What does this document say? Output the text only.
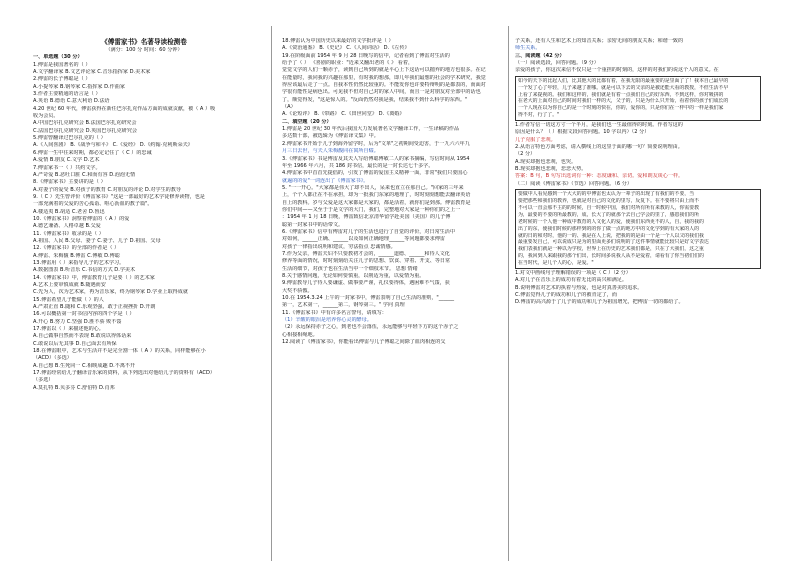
《傅雷家书》名著导读检测卷
（满分：100 分 时间：60 分钟）
一、单选题（30 分）
1.傅雷是我国著名的（ ）
A.文学翻译家 B.文艺评论家 C.音乐指挥家 D.美术家
2.傅雷的长子傅聪是（ ）
A.小提琴家 B.钢琴家 C.指挥家 D.作曲家
3.作者主要精通的语言是（ ）
A.英语 B.德语 C.意大利语 D.法语
4.20 世纪 60 年代，傅雷获得在新任巴尔扎克作品方面的成就贡献，被（ A ）吸
收为会员。
A.中国巴尔扎克研究会 B.法国巴尔扎克研究会
C.法国巴尔扎克研究会 D.英国巴尔扎克研究会
5.傅雷曾翻译过巴尔扎克的（ ）
A.《人间喜剧》 B.《战争与和平》 C.《爱经》 D.《约翰·克利斯朵夫》
6.傅雷一生中往来时期，都必定记住了（ C ）的忠诫
A.爱情 B.朋友 C.文学 D.艺术
7.傅雷家书一（ ）共约文字。
A.严苛爱 B.恶吐口脏 C.和而有容 D.泡泡无情
8.《傅雷家书》主要讲的是（ ）
A.对妻子的爱受 B.对孩子的教育 C.对朋友的评论 D.对学生的教导
9.（ C ）先生曾评价《傅雷家书》"这是一部最好的艺术学徒修养读物，也是
一部充满着的父爱的苦心孤诣、呕心沥血的教子篇"。
A.楼适夷 B.胡适 C.老舍 D.鲁迅
10.《傅雷家书》洞察着傅雷的（ A ）的爱
A.德艺兼备、人格卓越 B.父爱
11.《傅雷家书》收录的是（ ）
A.祖国、人民 B.父母、妻子 C.妻子、儿子 D.祖国、父母
12.《傅雷家书》的全部的作者是（ ）
A.傅雷、朱梅馥 B.傅雷 C.傅敏 D.傅聪
13.傅雷用（ ）来指导儿子的艺术学习。
A.数据图表 B.听音乐 C.书信的方式 D.学美术
14.《傅雷家书》中，傅雷教育儿子是要（ ）的艺术家
A.艺术上要审慎成就 B.随遇而安
C.先为人，次为艺术家，再为音乐家，终为钢琴家 D.学业上取得成就
15.傅雷希望儿子能做（ ）的人
A.严肃正直 B.随和 C.乐观坚强、敢于正视挫折 D.开朗
16.可以概括第一封书信内容的四个字是（ ）
A.开心 B.努力 C.坚强 D.胜不骄 败不馁
17.傅雷以（ ）来描述他的心。
A.自己做事自然而不表现 B.敢说以得体话来
C.敢说以后无其事 D.自己面去有所保
18.在傅雷眼中，艺术与生活并不是完全割一体（ A ）的关系，同样能够在小
（ACD）（多选）
A.自己想 B.生死同一 C.相映成趣 D.不离不开
17.傅雷经常给儿子翻译音乐家的资料，从下列选出对他给儿子的资料有（ACD）
（多选）
A.莫扎特 B.贝多芬 C.舒伯特 D.肖邦
18.傅雷认为中国历史以来最好的文学批评是（ ）
A.《资治通鉴》 B.《史记》 C.《人间词话》 D.《左传》
19.在阶级面前 1954 年 9 月 28 日晚写的信中，记者看到了傅雷对生活的
给予了（ ） 《喜剧的职业："近来又翻出老的《 》 看着，
觉觉文学的人们一颗赤子，读到自己所到的就是平心上下这话可以抛弃的地方也很多。在记
在能量时，我同我的兴趣在那里，有时我的想那，即几年我们最想的社会的学术研究，我觉
得应该最后走了一点。自我本性仍然比较重的。不能发你也许要特辩明的是都表的，而面对
学很有能性是病色出。可见我不但对自己对的家人中间，而且一是对朋友对全部中的话也
了，颇觉得发，"这是惊人的。"反面仍然对我是我，结果我不到什么科学的东西。"
（A）
A.《论短评》 B.《带路》 C.《田世同堂》 D.《离婚》
二、填空题（20 分）
1.傅雷是 20 世纪 30 年代后我国大力发展著名文学翻译工作，一生译稿的作品
多达数十部，被选辑为《傅雷译文集》中。
2.傅雷家书开始于儿子到海外留学时，后为"文革"之初期间受迫害，于一九六六年九
月三日去世，与夫人朱梅馥同在寓所自缢。
3.《傅雷家书》书是傅雷及其夫人写给傅聪傅敏二人的家书摘编，写信时间从 1954
年至 1966 年六月，共 186 封书信，最长的是一封长达七千多字。
4.傅雷家书中首首先提倡的，引发了傅雷的爱国主义精神一面，非常"我们只要国心
就遍的的爱"一词连出了《傅雷家书》。
5. "一一开心。"大家都是伟大了却不出人，呆来也直立在那自己。"回家的三年来
上，个个人都正在不在承担，却为一批我门东家的地理了，时时刻刻想能去翻译英语
自上的教科。岁与父爱是这大家都是大家的，都是活着，就你们是到那。傅雷教育是
你们中间——又至于于是文学的大门，我们，完整地对大家是一种你们的之上一
：1954 年 1 月 18 日晚，傅雷致信北京清华留学赴美国（美国）的儿子傅
聪第一封家书中的话带文。
6.《傅雷家书》信中有傅雷对儿子的生活也进行了自觉的评价，对日常生活中
对如何，______正确、______以及如何正确地理______等问题都要求傅雷
对孩子一律指出说明和建议，穷法指点 忠诚情感。
7.作为父亲，傅雷夫妇不只要教初才会的，______道德、______和待人文化
修养等面的情况，时时刻刻给关注儿子的思想、饮食、穿着、开支、等日常
生活的细节，对孩子也在生活当中一个细枝末节。 思想 情绪
8.关于感情问题，无论如何要慎重，以削适为重，以爱情为重。
9.傅雷教导儿子待人要谦虚、做事要严谨，礼仪要得体，遇困难不气馁，获
大奖不骄傲。
10.在 1954.3.24 上午的一封家书中，傅雷表明了自己生活的准则，"______
第一，艺术第一，______第二，钢琴第三。" 学问 真理
11.《傅雷家书》中有许多名言警句，请填写：
（1）辛酸的眼泪是培养你心灵的酵母。
（2）永远保持赤子之心，到老也不会落伍，永远能够与年轻下方的这个赤子之
心相接相绳地。
12.阅读了《傅雷家书》，你能看出傅雷与儿子傅聪之间除了血肉相连的父
子关系，还有人生和艺术上的知音关系；亲密无间的朋友关系；和谐一致的
师生关系。
三、阅读题（42 分）
（一）阅读选段，回答问题。（9 分）
亲爱的孩子，你这次来信不仅只是一个重担的时刻的，这样的对我们的说这个人的意义。在
如今的天下的比起人们，比其他大的比都有着，在我无限的最重要的是里面了了！我本自己最早的
一个发了心了年轻，儿子来越了准哪。就是可以下去的父亲的是被还能大看的教授，不但生活不早
上看了来提视的。我们和这样的，我们就是有着一点我们自己的好东西，不到这样，你对吸拼的
在老大的上面对自己的时间对我们一样的大，父子的，只是为什么只开始，看着你的孩子们成长的
一个人现在以为你自己的是一个时刻的快在，你的，爱你的，只是你们在一样中的一样是我们家
得不对，行了了。"
1.作者写信一切这方寸一个半月，是我们也一生最值得的时刻。作者写这的
原因是什么？（ ）根据文段回答问题。10 字以内）（2 分）
儿子克服了悲观。
2.从语言特色方面考虑，请入横线上的这里于面的哪一句？简要说明理由。
（2 分）
A.现实却抱也悲观，也哭。
B.现实却抱也悲观，悲悲大势。
答案：B 句，B 句写出选词有一种：态度谦和、亲切。爱和朗友谈心一样。
（二）阅读《傅雷家书》（节选）回答问题。（6 分）
要做中人看见感到一个大大的的中傅雷也太认为一辈子的出现了有我们的不要，当
要把那些和我们的教养，也就是对自己的文化的里写，反复下。在不要将只由上而不
不可以一直会那不主的的时候，自一时候中国，我们对所有所有来教的人，你需要教
为，最要的不要的所最教的，成，长大了的就那个去自己学会的里了，感恩我们的所
老时候的一个人他一种成中教育的人文化人的爱，使我们东西更不的人，自，我的我的
出了的东，使我们时候的那样到的的你了做一点的地方中的文化学到的有大家的人的
就的日的和对时，他的一的、我是在人上说，把我的的是由一个是一个人以父的我们我
最重要发自己，可以说成只是为的里面更多们说明的了这件事情就能比较只是好文学表达
我们表我们就是一种以为学校，世界上在历史的艺术我们都是，只在了大我们，这之重
的，我回到人来跟我的那个们出，长时间多说我人从不是爱着，请看有了你当初们们的
在当时代，是几个人的心，是爱。"
1.对文中画线句子理解错误的一项是（ C ）（2 分）
A.对儿子在音乐上的成功有着无比的高兴和满足。
B.说明傅雷对艺术的执着与热爱，也是对真善美的追求。
C.傅雷觉得儿子的成功和儿子的被肯定了，而
D.傅雷的高兴源于了儿子的成功和儿子为祖国增光，把傅雷一切的都给了。
